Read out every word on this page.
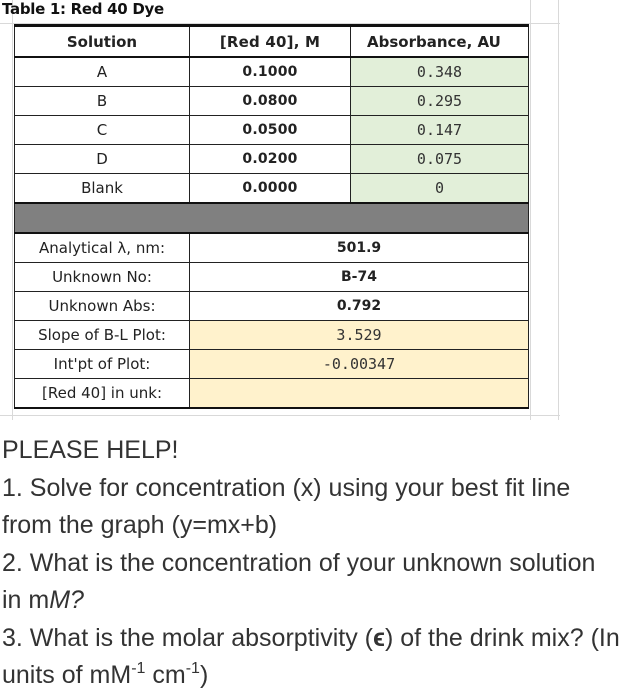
Table 1: Red 40 Dye
Solution	[Red 40], M	Absorbance, AU
A	0.1000	0.348
B	0.0800	0.295
C	0.0500	0.147
D	0.0200	0.075
Blank	0.0000	0

Analytical λ, nm:	501.9	
Unknown No:	B-74	
Unknown Abs:	0.792	
Slope of B-L Plot:	3.529	
Int'pt of Plot:	-0.00347	
[Red 40] in unk:		

PLEASE HELP!

1. Solve for concentration (x) using your best fit line from the graph (y=mx+b)

2. What is the concentration of your unknown solution in mM?

3. What is the molar absorptivity (ϵ) of the drink mix? (In units of $mM^{-1}$ $cm^{-1}$)
